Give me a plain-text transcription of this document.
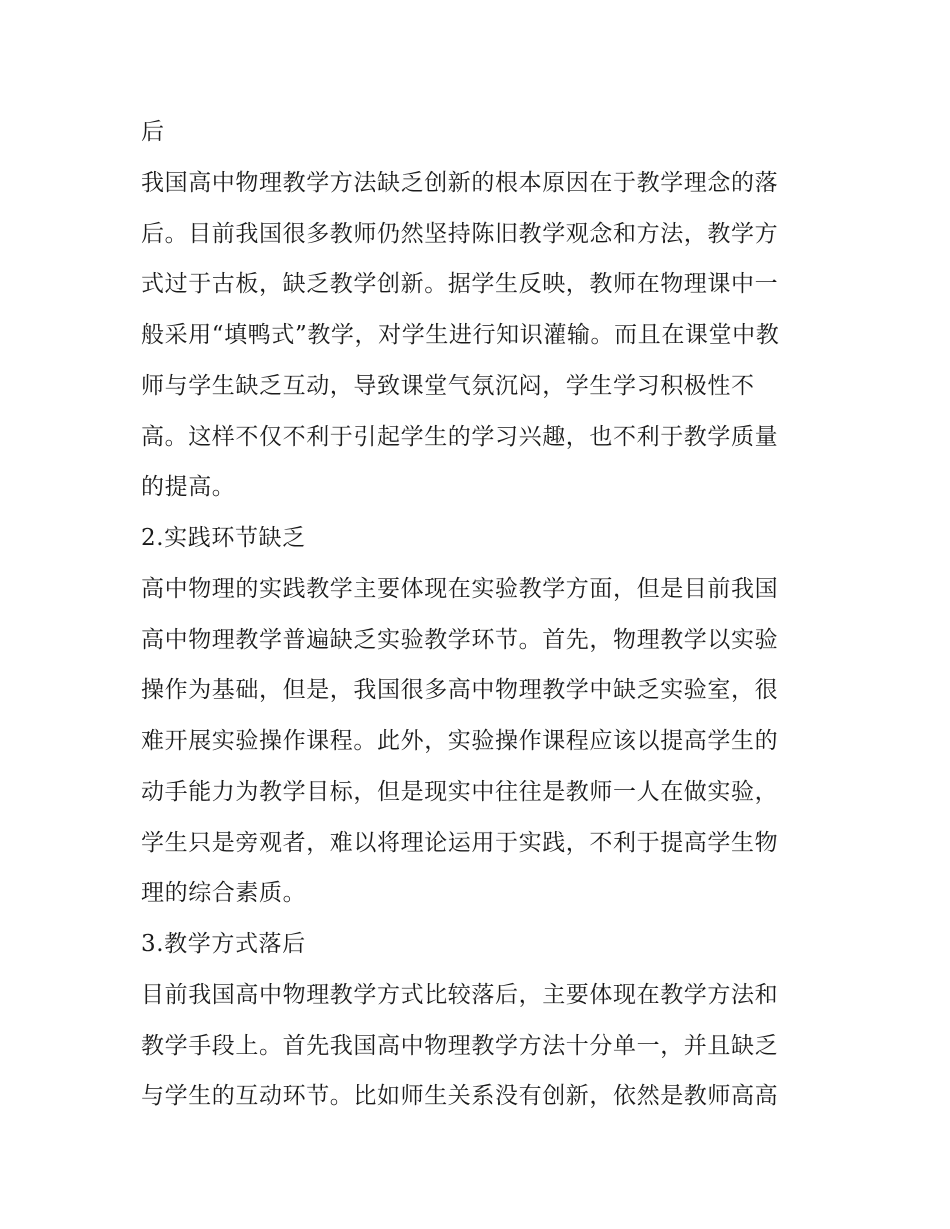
后
我国高中物理教学方法缺乏创新的根本原因在于教学理念的落
后。目前我国很多教师仍然坚持陈旧教学观念和方法，教学方
式过于古板，缺乏教学创新。据学生反映，教师在物理课中一
般采用“填鸭式”教学，对学生进行知识灌输。而且在课堂中教
师与学生缺乏互动，导致课堂气氛沉闷，学生学习积极性不
高。这样不仅不利于引起学生的学习兴趣，也不利于教学质量
的提高。
2.实践环节缺乏
高中物理的实践教学主要体现在实验教学方面，但是目前我国
高中物理教学普遍缺乏实验教学环节。首先，物理教学以实验
操作为基础，但是，我国很多高中物理教学中缺乏实验室，很
难开展实验操作课程。此外，实验操作课程应该以提高学生的
动手能力为教学目标，但是现实中往往是教师一人在做实验，
学生只是旁观者，难以将理论运用于实践，不利于提高学生物
理的综合素质。
3.教学方式落后
目前我国高中物理教学方式比较落后，主要体现在教学方法和
教学手段上。首先我国高中物理教学方法十分单一，并且缺乏
与学生的互动环节。比如师生关系没有创新，依然是教师高高
